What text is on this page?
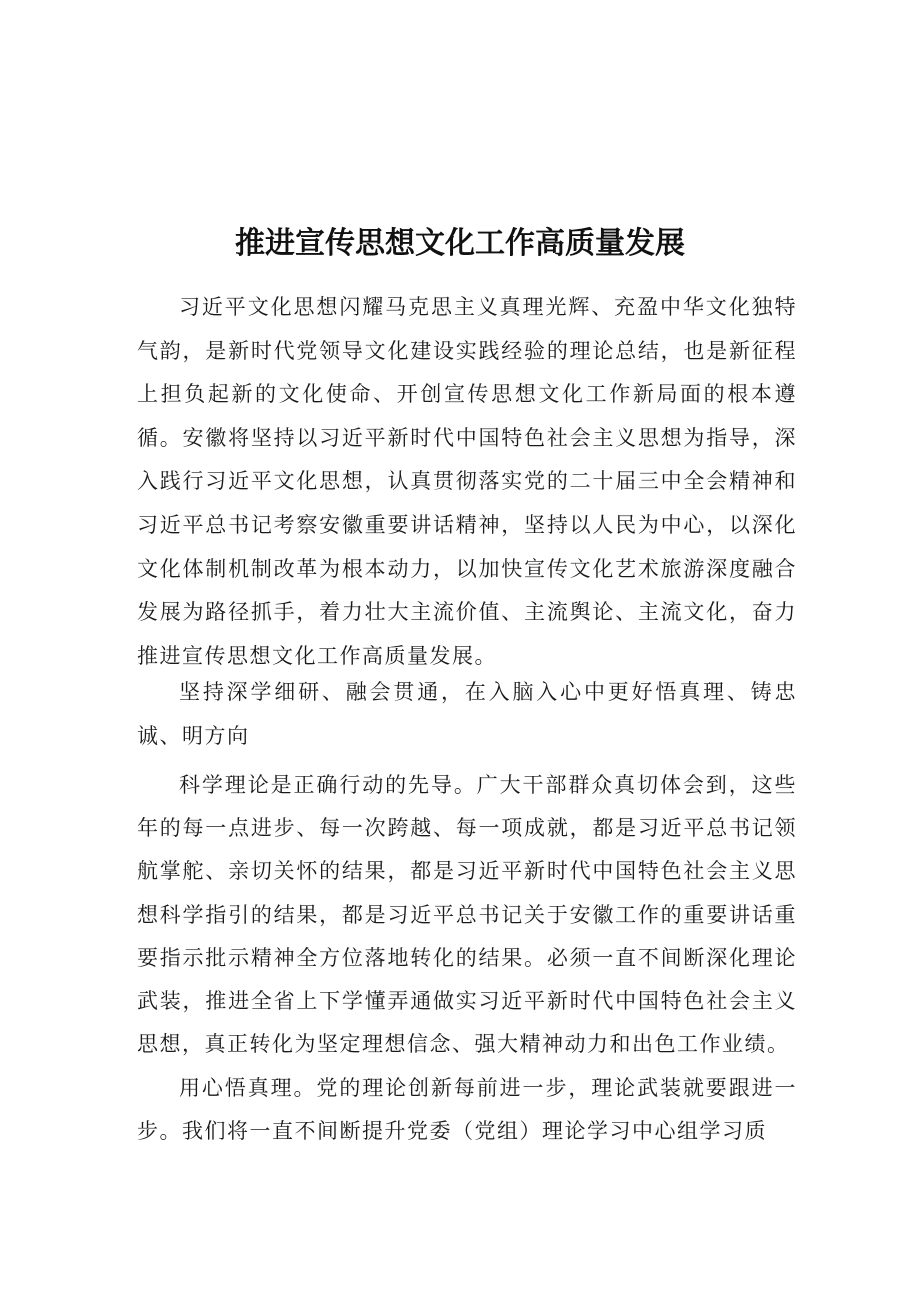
推进宣传思想文化工作高质量发展

习近平文化思想闪耀马克思主义真理光辉、充盈中华文化独特气韵，是新时代党领导文化建设实践经验的理论总结，也是新征程上担负起新的文化使命、开创宣传思想文化工作新局面的根本遵循。安徽将坚持以习近平新时代中国特色社会主义思想为指导，深入践行习近平文化思想，认真贯彻落实党的二十届三中全会精神和习近平总书记考察安徽重要讲话精神，坚持以人民为中心，以深化文化体制机制改革为根本动力，以加快宣传文化艺术旅游深度融合发展为路径抓手，着力壮大主流价值、主流舆论、主流文化，奋力推进宣传思想文化工作高质量发展。

坚持深学细研、融会贯通，在入脑入心中更好悟真理、铸忠诚、明方向

科学理论是正确行动的先导。广大干部群众真切体会到，这些年的每一点进步、每一次跨越、每一项成就，都是习近平总书记领航掌舵、亲切关怀的结果，都是习近平新时代中国特色社会主义思想科学指引的结果，都是习近平总书记关于安徽工作的重要讲话重要指示批示精神全方位落地转化的结果。必须一直不间断深化理论武装，推进全省上下学懂弄通做实习近平新时代中国特色社会主义思想，真正转化为坚定理想信念、强大精神动力和出色工作业绩。

用心悟真理。党的理论创新每前进一步，理论武装就要跟进一步。我们将一直不间断提升党委（党组）理论学习中心组学习质
